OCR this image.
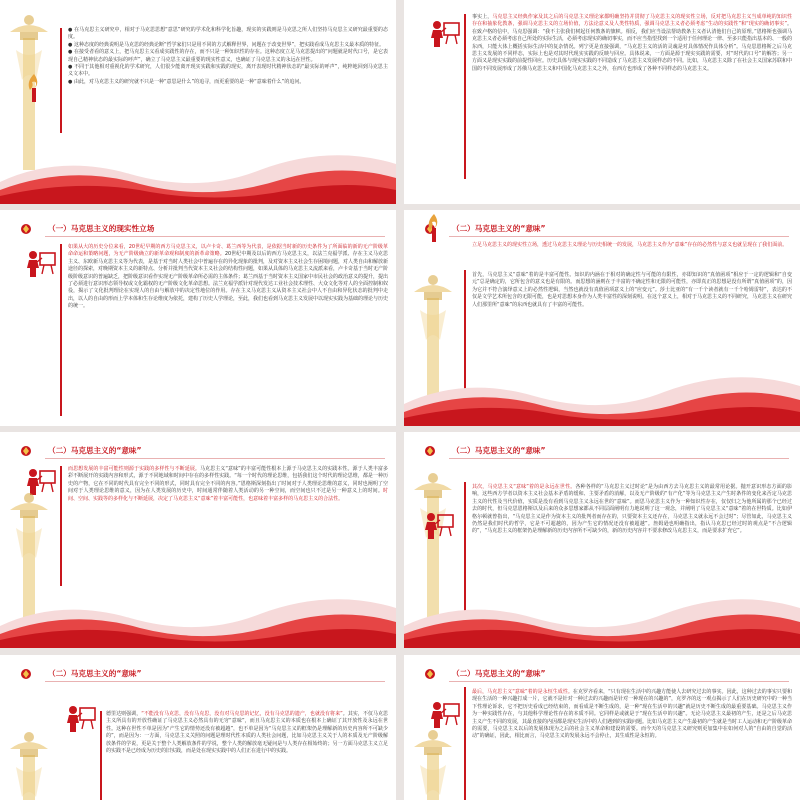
● 在马克思主义研究中，相对于马克思思想“意思”研究的学术化和科学化旨趣，现实的实践则是马克思之所人们坚持马克思主义研究最重要的态度。
● 这种态度的经典说明是马克思的经典论断“哲学家们只是用不同的方式解释世界，问题在于改变世界”，把实践看成马克思主义最本质的特征。
● 在接受者看的意义上，把马克思主义看成实践性的存在，而不只是一种知识性的存在。这种态度立足马克思提出的“问题就是时代口号，是它表现自己精神状态的最实际的呼声”，确立了马克思主义最重要的现实性意义，也确证了马克思主义的永远在世性。
● 不同于其他相对重视化的学术研究，人们很少能离开现实实践和实践的现实，离开表现时代精神状态的“最实际的呼声”，纯粹地回到马克思主义文本中。
● 由此，对马克思主义的研究就不只是一种“意思是什么”的追寻，而更重要的是一种“意味着什么”的追问。
事实上，马克思主义经典作家及其之后的马克思主义理论家都明确坚持并贯彻了马克思主义的现实性立场，反对把马克思主义当成单纯的知识性存在和抽象化教条，强调马克思主义的立场价值，方法论意义及人类性特质，强调马克思主义者必须考虑“生动的实践性”和“现实的确切事实”。在致卢格的信中，马克思强调：“我不主张我们树起任何教条的旗帜。相反，我们应当设法帮助教条主义者认清他们自己的原理。”恩格斯也强调马克思主义者必须考虑自己所处的实际生活，必须考虑现实的确切事实，而不应当指望找到一个适用于任何理论一律、至多只能指出基本的、一般的东西，只能大体上概括实际生活中的复杂情况。列宁更是直接强调，“马克思主义的活的灵魂是对具体情况作具体分析”。马克思恩格斯之后马克思主义发展的不同样态，实际上也是对其时代现实实践的反映与回应。具体说来，一方面是源于现实实践的需要，对“时代的口号”的解答；另一方面又是现实实践的前提性回应。历史具体与现实实践的不同造成了马克思主义发展样态的不同。比如，马克思主义除了在社会主义国家苏联和中国的不同发展形成了苏俄马克思主义和中国化马克思主义之外，在西方也形成了各种不同样态的马克思主义。
（一）马克思主义的现实性立场
如果从大的历史分位来看，20世纪早期的西方马克思主义，以卢卡奇、葛兰西等为代表，是依据当时新的历史条件为了所面临的新的无产阶级革命命运和策略问题，为无产阶级确立的新革命观和制度的新革命策略。20世纪中期及以后的西方马克思主义，以法兰克福学派、存在主义马克思主义、东欧新马克思主义等为代表，是基于对当时人类社会中普遍存在的异化现象的批判，及对资本主义社会生存困境问题，对人类自由和解放新途径的探索，对晚期资本主义的新特点、分析并批判当代资本主义社会的结构性问题，如果从具体的马克思主义流派来看，卢卡奇基于当时无产阶级阶级意识的普遍缺乏，把阶级意识看作实现无产阶级革命所必需的主体条件；葛兰西基于当时资本主义国家中市民社会的政治意义的提升，提出了必须进行意识形态领导权或文化霸权的无产阶级文化革命思想。法兰克福学派针对现代发达工业社会技术理性、大众文化等对人的全面控制和奴役，揭示了文化批判理论在实现人的自由与解放中的决定性地位的作用。存在主义马克思主义从资本主义社会中人不自由和异化状态的批判中走出，以人的自由的形而上学本体和生存论维度为依托，建构了历史人学理论，至此，我们也看到马克思主义发展中以现实实践为基础的理论与历史的统一。
（二）马克思主义的“意味”
立足马克思主义的现实性立场，透过马克思主义理论与历史相统一的发展，马克思主义作为“意味”存在的必然性与意义也就呈现在了我们面前。
首先，马克思主义“意味”着的是丰富可能性。知识的内涵在于相对的确定性与可能的有限性，亦即知识的“真值函项”相应于一定的逻辑和“自变元”总是确定的，它所包含的意义也是有限的。而思想的涵则在于丰富的不确定性和无限的可能性，亦即真正的思想是没有所谓“真值函项”的，因为它并不符合演绎意义上的必然性逻辑，当然也就没有真值函项意义上的“应变元”。莎士比亚的“有一千个读者就有一千个哈姆雷特”，表达的不仅是文学艺术所包含的无限可能，也是对思想本身作为人类丰富性的深刻说明。在这个意义上，相对于马克思主义的不同研究，马克思主义在研究人们那里所“意味”的东西也就具有了丰富的可能性。
（二）马克思主义的“意味”
而思想发展的丰富可能性则源于实践的多样性与不断延展。马克思主义“意味”的丰富可能性根本上源于马克思主义的实践本性。源于人类丰富多彩不断展开的实践内容和形式，源于不同地域和时间中存在的多样性实践。“每一个时代的理论思维，包括我们这个时代的理论思维，都是一种历史的产物，它在不同的时代具有完全不同的形式，同时具有完全不同的内容。”恩格斯深刻指出了时间对于人类理论思维的意义，同时也阐明了空间对于人类理论思维的意义，因为在人类发展的历史中，时间通常伴随着人类活动的另一种空间，而空间也只不过是另一种意义上的时间。时间、空间、实践等的多样化与不断延展，决定了马克思主义“意味”着丰富可能性，也意味着丰富多样的马克思主义的合法性。
（二）马克思主义的“意味”
其次，马克思主义“意味”着的是永远在世性。各种各样的“马克思主义过时论”是为由西方去马克思主义的最常用论据。抛开意识形态方面的影响，这些西方学者以资本主义社会基本矛盾的缓和、主要矛盾的消解，以及无产阶级的“有产化”等为马克思主义产生时条件的变化来否定马克思主义的代性及当代价值，实质是没有看到马克思主义永远在世的“意味”。而思马克思主义作为一种知识性存在，仅仅归之为他所属的那个已经过去的时代，但马克思恩格斯以及后来的众多思想家都从不同层面阐明有力地说明了这一观念，并阐明了马克思主义“意味”着的在世特质。比如伊格尔顿就曾指出，“马克思主义是作为资本主义的批判者而存在的，只要资本主义还存在，马克思主义就永远不会过时”；尽管如此，马克思主义仍然是我们时代的哲学，它是不可超越的，因为产生它的情况还没有被超越”。詹姆逊也明确指出，指认马克思已经过时的观点是“不合逻辑的”，“马克思主义的框架仍是理解新的历史内容所不可缺少的，新的历史内容并不要求修改马克思主义，而是要求扩充它”。
（二）马克思主义的“意味”
德里达则强调，“不能没有马克思，没有马克思，没有对马克思的记忆，没有马克思的遗产，也就没有将来”。其实，不仅马克思主义所具有的开放性确证了马克思主义必然具有的无穷“意味”，而且马克思主义的本质也在根本上确证了其开放性及永远在世性。这种在世性不单是因为“产生它的情势还没有被超越”，也不单是因为“马克思主义的框架仍是理解新的历史内容所不可缺少的”，而是因为：一方面，马克思主义关照的问题是理时代性本质的人类社会问题，比如马克思主义关于人的本质及无产阶级解放条件的学说，更是关于整个人类解放条件的学说，整个人类的解放毫无疑问是与人类存在相始终的；另一方面马克思主义立足的实践不是已经成为历史的旧实践，而是处在现实实践中的人们正在进行中的实践。
（二）马克思主义的“意味”
最后，马克思主义“意味”着的是永恒生成性。在克罗齐看来，“只有现在生活中的兴趣方能使人去研究过去的事实。因此，这种过去的事实只要和现在生活的一种兴趣打成一片，它就不是针对一种过去的兴趣而是针对一种现在的兴趣的”，克罗齐的这一观点揭示了人们在历史研究中的一种当下性理论诉求，它不把历史看成已经结束的，而看成是不断生成的，是一种“现在生活中的兴趣”就是历史不断生成的最重要基础。马克思主义作为一种实践性存在，与其他科学理论性存在的本质不同。它同样是或就是于“现在生活中的兴趣”。无论马克思主义最初的产生，还是之后马克思主义产生不同的发展，其最直接的内因都是现实生活中的人们遇到的实践问题。比如马克思主义产生最初的产生就是当时工人运动和无产阶级革命的需要，马克思主义以后的发展体现为之后的社会主义革命和建设的需要。而今天的马克思主义研究则更加集中在如何对人的“自由的自觉的活动”的确证，因此，相比而言，马克思主义的发展永远不会停止，其生成性是永恒的。
